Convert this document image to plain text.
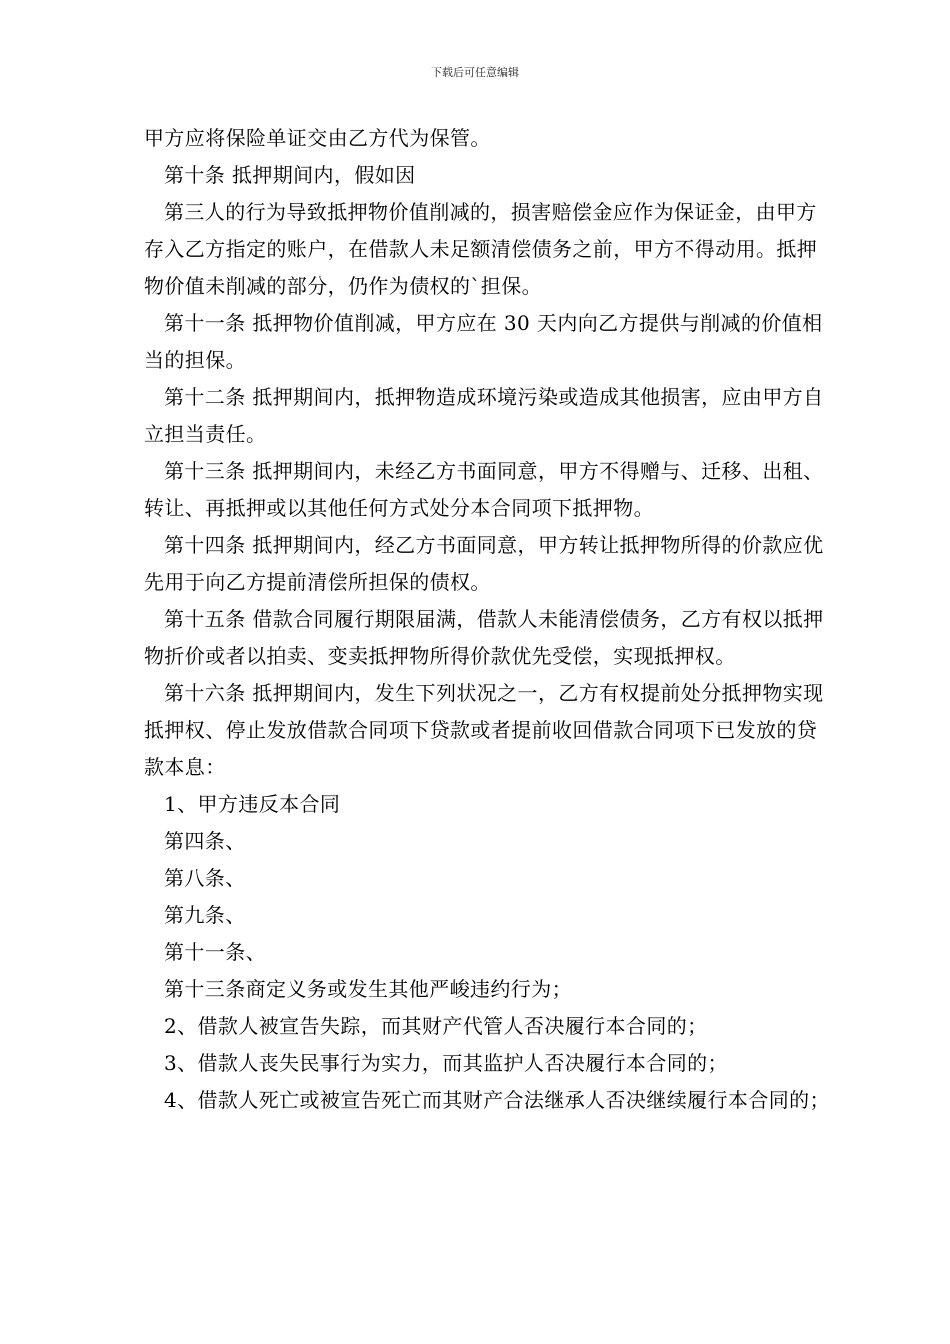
下载后可任意编辑

甲方应将保险单证交由乙方代为保管。

第十条 抵押期间内，假如因

第三人的行为导致抵押物价值削减的，损害赔偿金应作为保证金，由甲方存入乙方指定的账户，在借款人未足额清偿债务之前，甲方不得动用。抵押物价值未削减的部分，仍作为债权的`担保。

第十一条 抵押物价值削减，甲方应在 30 天内向乙方提供与削减的价值相当的担保。

第十二条 抵押期间内，抵押物造成环境污染或造成其他损害，应由甲方自立担当责任。

第十三条 抵押期间内，未经乙方书面同意，甲方不得赠与、迁移、出租、转让、再抵押或以其他任何方式处分本合同项下抵押物。

第十四条 抵押期间内，经乙方书面同意，甲方转让抵押物所得的价款应优先用于向乙方提前清偿所担保的债权。

第十五条 借款合同履行期限届满，借款人未能清偿债务，乙方有权以抵押物折价或者以拍卖、变卖抵押物所得价款优先受偿，实现抵押权。

第十六条 抵押期间内，发生下列状况之一，乙方有权提前处分抵押物实现抵押权、停止发放借款合同项下贷款或者提前收回借款合同项下已发放的贷款本息：

1、甲方违反本合同

第四条、

第八条、

第九条、

第十一条、

第十三条商定义务或发生其他严峻违约行为；

2、借款人被宣告失踪，而其财产代管人否决履行本合同的；

3、借款人丧失民事行为实力，而其监护人否决履行本合同的；

4、借款人死亡或被宣告死亡而其财产合法继承人否决继续履行本合同的；
